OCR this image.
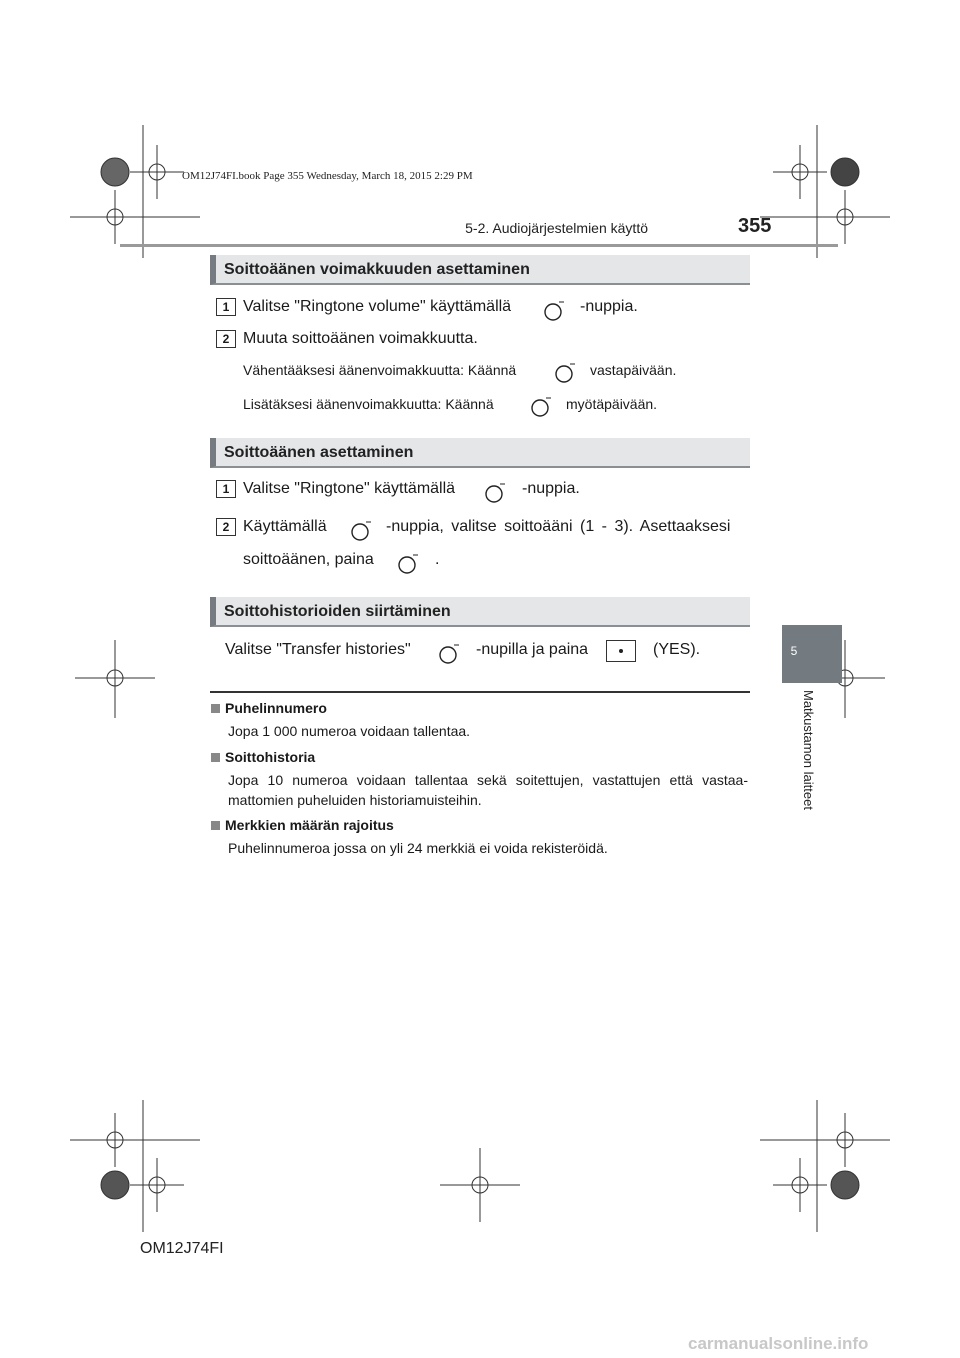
OM12J74FI.book Page 355 Wednesday, March 18, 2015 2:29 PM
5-2. Audiojärjestelmien käyttö	355
5
Matkustamon laitteet
Soittoäänen voimakkuuden asettaminen
1 Valitse "Ringtone volume" käyttämällä	-nuppia.
2 Muuta soittoäänen voimakkuutta.
Vähentääksesi äänenvoimakkuutta: Käännä	vastapäivään.
Lisätäksesi äänenvoimakkuutta: Käännä	myötäpäivään.
Soittoäänen asettaminen
1 Valitse "Ringtone" käyttämällä	-nuppia.
2 Käyttämällä	-nuppia, valitse soittoääni (1 - 3). Asettaaksesi
soittoäänen, paina	.
Soittohistorioiden siirtäminen
Valitse "Transfer histories"	-nupilla ja paina	(YES).
Puhelinnumero
Jopa 1 000 numeroa voidaan tallentaa.
Soittohistoria
Jopa 10 numeroa voidaan tallentaa sekä soitettujen, vastattujen että vastaa-mattomien puheluiden historiamuisteihin.
Merkkien määrän rajoitus
Puhelinnumeroa jossa on yli 24 merkkiä ei voida rekisteröidä.
OM12J74FI
carmanualsonline.info
